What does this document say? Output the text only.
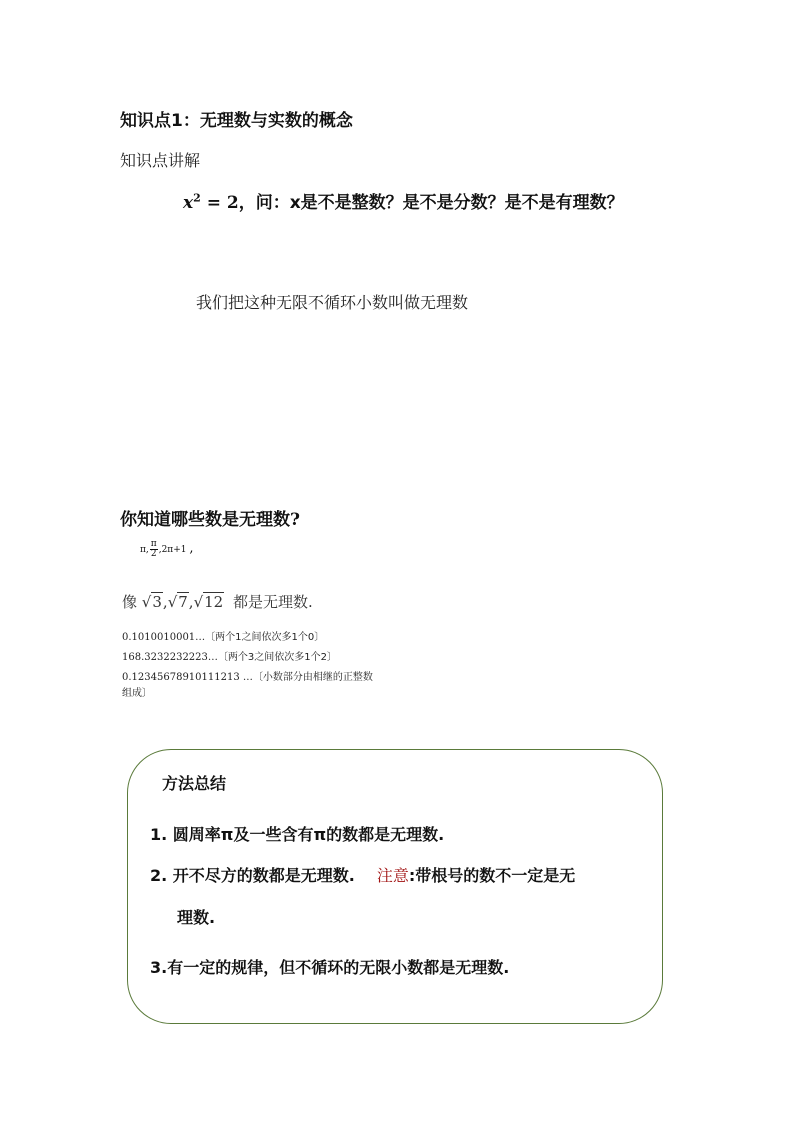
知识点1：无理数与实数的概念
知识点讲解
$x^2 = 2$，问：x是不是整数？是不是分数？是不是有理数？
我们把这种无限不循环小数叫做无理数
你知道哪些数是无理数?
π, $\frac{\pi}{2} ,2\pi+1$ ,
像 √3,√7,√12 都是无理数.
0.1010010001…〔两个1之间依次多1个0〕
168.3232232223…〔两个3之间依次多1个2〕
0.12345678910111213 …〔小数部分由相继的正整数
组成〕
方法总结
1. 圆周率π及一些含有π的数都是无理数.
2. 开不尽方的数都是无理数. 注意:带根号的数不一定是无
理数.
3.有一定的规律，但不循环的无限小数都是无理数.
